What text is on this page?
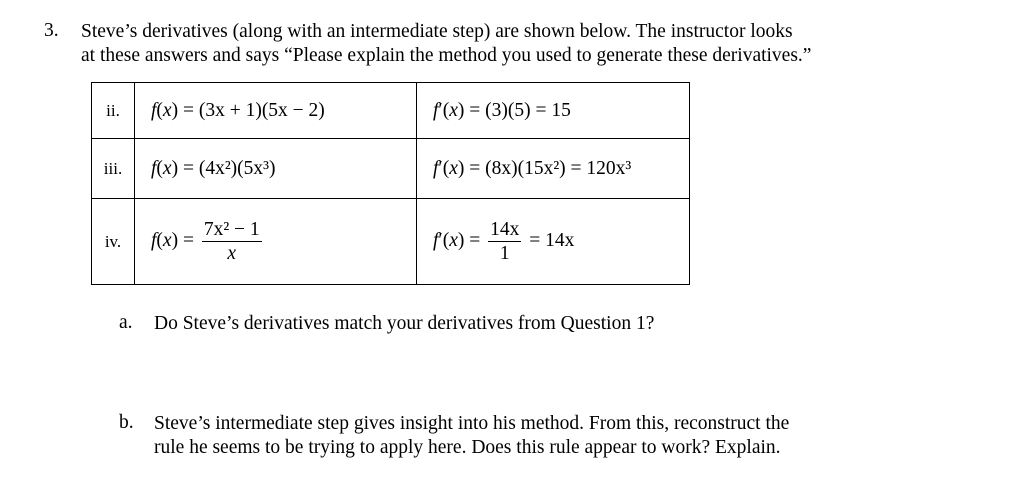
3. Steve’s derivatives (along with an intermediate step) are shown below. The instructor looks
at these answers and says “Please explain the method you used to generate these derivatives.”
ii.	f(x) = (3x + 1)(5x − 2)	f′(x) = (3)(5) = 15
iii.	f(x) = (4x²)(5x³)	f′(x) = (8x)(15x²) = 120x³
iv.	$f(x) = \frac{\text{7x² − 1}}{x}$	$f'(x) = \frac{14x}{1} = 14x$
a. Do Steve’s derivatives match your derivatives from Question 1?
b. Steve’s intermediate step gives insight into his method. From this, reconstruct the
rule he seems to be trying to apply here. Does this rule appear to work? Explain.
